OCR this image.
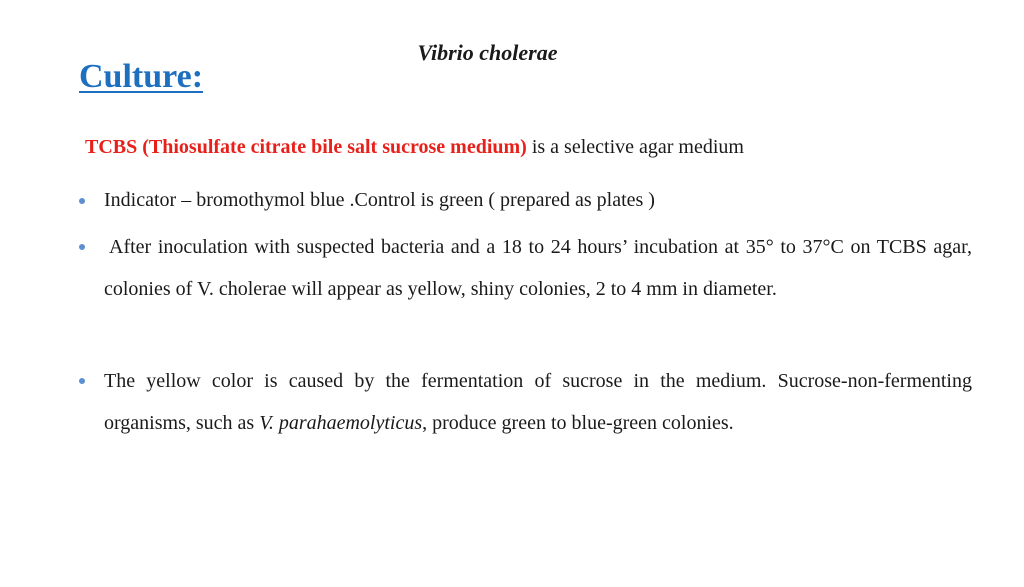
Vibrio cholerae
Culture:
TCBS (Thiosulfate citrate bile salt sucrose medium) is a selective agar medium
Indicator – bromothymol blue .Control is green ( prepared as plates )
After inoculation with suspected bacteria and a 18 to 24 hours’ incubation at 35° to 37°C on TCBS agar, colonies of V. cholerae will appear as yellow, shiny colonies, 2 to 4 mm in diameter.
The yellow color is caused by the fermentation of sucrose in the medium. Sucrose-non-fermenting organisms, such as V. parahaemolyticus, produce green to blue-green colonies.
